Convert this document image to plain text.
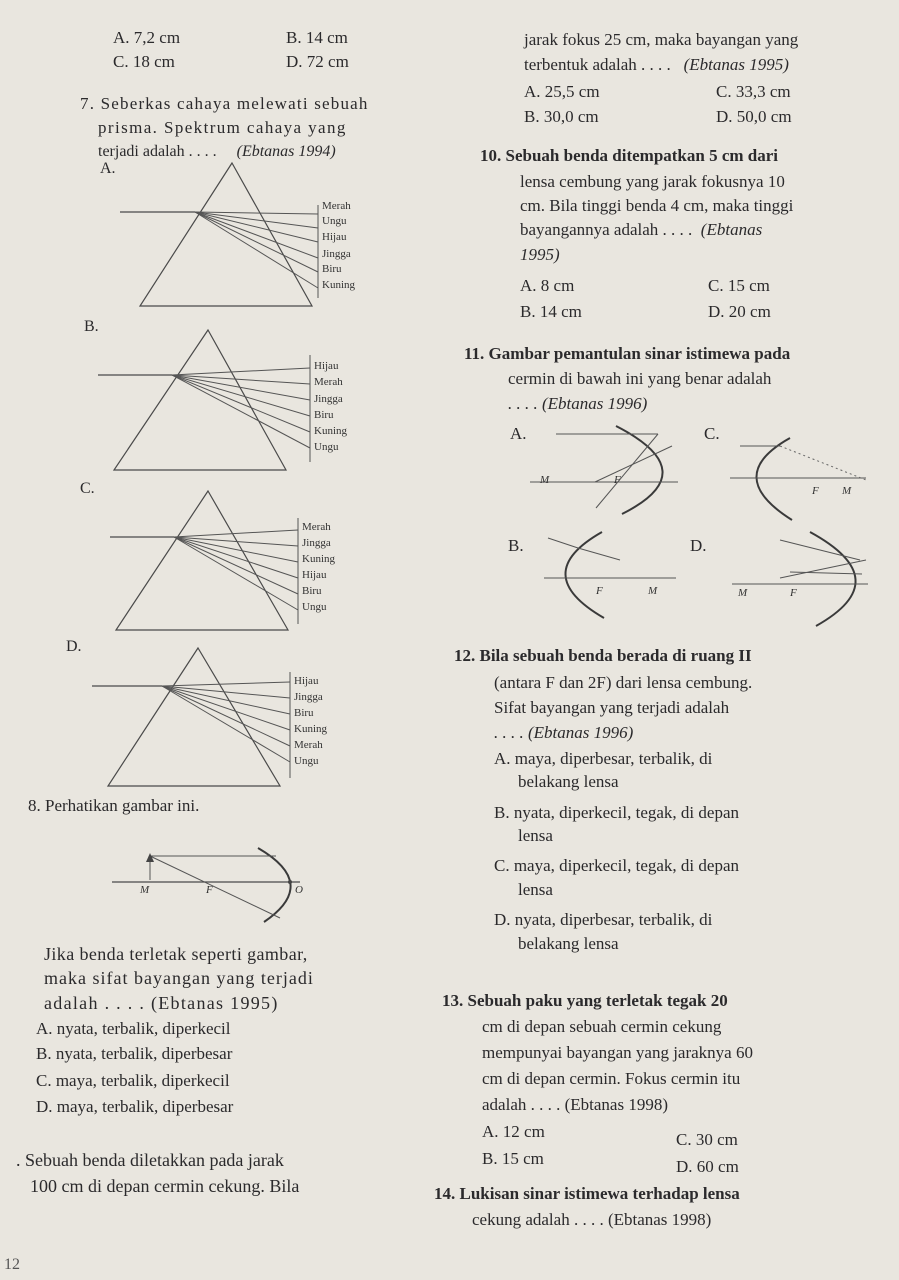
A. 7,2 cm	B. 14 cm
C. 18 cm	D. 72 cm
7. Seberkas cahaya melewati sebuah
prisma. Spektrum cahaya yang
terjadi adalah . . . . (Ebtanas 1994)
A.
Merah
Ungu
Hijau
Jingga
Biru
Kuning
B.
Hijau
Merah
Jingga
Biru
Kuning
Ungu
C.
Merah
Jingga
Kuning
Hijau
Biru
Ungu
D.
Hijau
Jingga
Biru
Kuning
Merah
Ungu
8. Perhatikan gambar ini.
M	F	O
Jika benda terletak seperti gambar,
maka sifat bayangan yang terjadi
adalah . . . . (Ebtanas 1995)
A. nyata, terbalik, diperkecil
B. nyata, terbalik, diperbesar
C. maya, terbalik, diperkecil
D. maya, terbalik, diperbesar
. Sebuah benda diletakkan pada jarak
100 cm di depan cermin cekung. Bila
12
jarak fokus 25 cm, maka bayangan yang
terbentuk adalah . . . . (Ebtanas 1995)
A. 25,5 cm	C. 33,3 cm
B. 30,0 cm	D. 50,0 cm
10. Sebuah benda ditempatkan 5 cm dari
lensa cembung yang jarak fokusnya 10
cm. Bila tinggi benda 4 cm, maka tinggi
bayangannya adalah . . . . (Ebtanas
1995)
A. 8 cm	C. 15 cm
B. 14 cm	D. 20 cm
11. Gambar pemantulan sinar istimewa pada
cermin di bawah ini yang benar adalah
. . . . (Ebtanas 1996)
A.
M	F
C.
F M
B.
F	M
D.
M	F
12. Bila sebuah benda berada di ruang II
(antara F dan 2F) dari lensa cembung.
Sifat bayangan yang terjadi adalah
. . . . (Ebtanas 1996)
A. maya, diperbesar, terbalik, di
belakang lensa
B. nyata, diperkecil, tegak, di depan
lensa
C. maya, diperkecil, tegak, di depan
lensa
D. nyata, diperbesar, terbalik, di
belakang lensa
13. Sebuah paku yang terletak tegak 20
cm di depan sebuah cermin cekung
mempunyai bayangan yang jaraknya 60
cm di depan cermin. Fokus cermin itu
adalah . . . . (Ebtanas 1998)
A. 12 cm	C. 30 cm
B. 15 cm	D. 60 cm
14. Lukisan sinar istimewa terhadap lensa
cekung adalah . . . . (Ebtanas 1998)
